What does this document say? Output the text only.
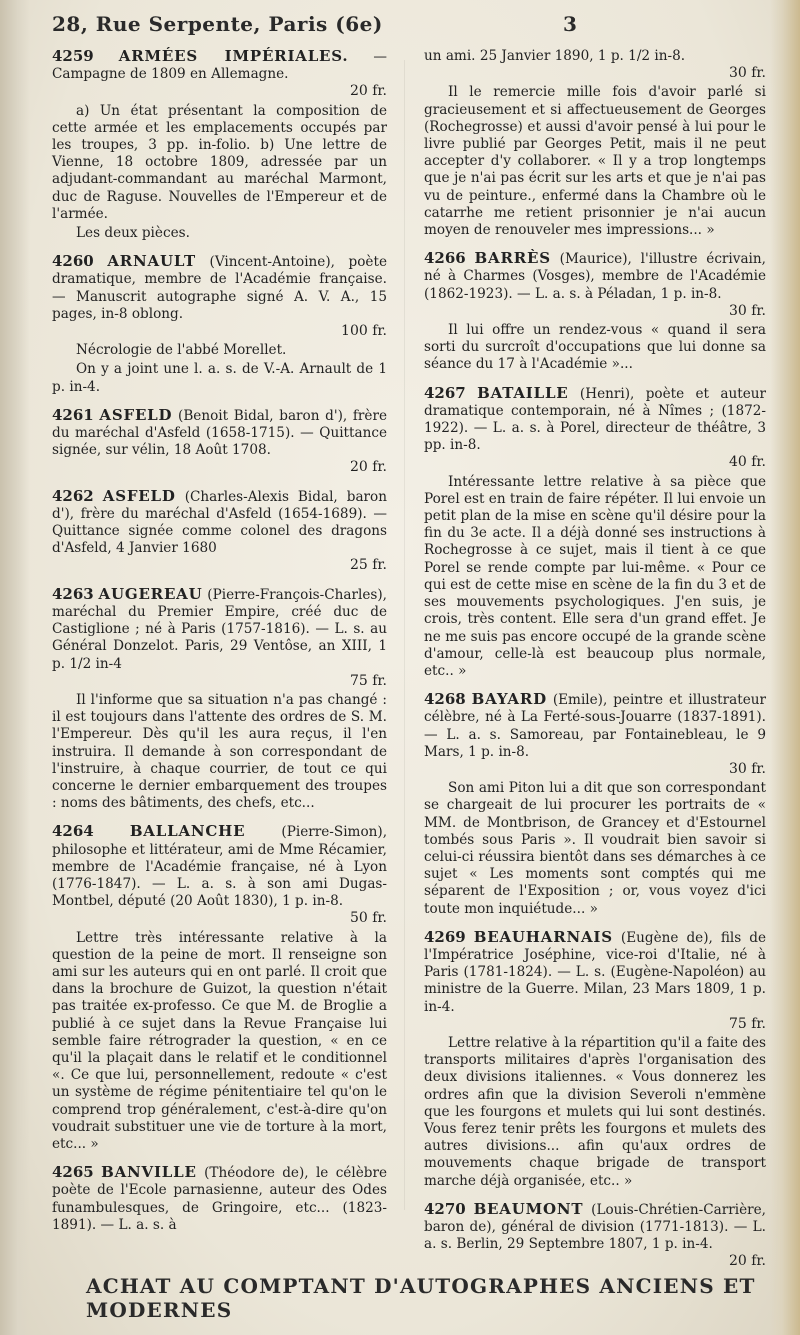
28, Rue Serpente, Paris (6e)	3
4259 ARMÉES IMPÉRIALES. — Campagne de 1809 en Allemagne.
20 fr.
a) Un état présentant la composition de cette armée et les emplacements occupés par les troupes, 3 pp. in-folio. b) Une lettre de Vienne, 18 octobre 1809, adressée par un adjudant-commandant au maréchal Marmont, duc de Raguse. Nouvelles de l'Empereur et de l'armée.
Les deux pièces.
4260 ARNAULT (Vincent-Antoine), poète dramatique, membre de l'Académie française. — Manuscrit autographe signé A. V. A., 15 pages, in-8 oblong.
100 fr.
Nécrologie de l'abbé Morellet.
On y a joint une l. a. s. de V.-A. Arnault de 1 p. in-4.
4261 ASFELD (Benoit Bidal, baron d'), frère du maréchal d'Asfeld (1658-1715). — Quittance signée, sur vélin, 18 Août 1708.
20 fr.
4262 ASFELD (Charles-Alexis Bidal, baron d'), frère du maréchal d'Asfeld (1654-1689). — Quittance signée comme colonel des dragons d'Asfeld, 4 Janvier 1680
25 fr.
4263 AUGEREAU (Pierre-François-Charles), maréchal du Premier Empire, créé duc de Castiglione ; né à Paris (1757-1816). — L. s. au Général Donzelot. Paris, 29 Ventôse, an XIII, 1 p. 1/2 in-4
75 fr.
Il l'informe que sa situation n'a pas changé : il est toujours dans l'attente des ordres de S. M. l'Empereur. Dès qu'il les aura reçus, il l'en instruira. Il demande à son correspondant de l'instruire, à chaque courrier, de tout ce qui concerne le dernier embarquement des troupes : noms des bâtiments, des chefs, etc...
4264 BALLANCHE	(Pierre-Simon), philosophe et littérateur, ami de Mme Récamier, membre de l'Académie française, né à Lyon (1776-1847). — L. a. s. à son ami Dugas-Montbel, député (20 Août 1830), 1 p. in-8.
50 fr.
Lettre très intéressante relative à la question de la peine de mort. Il renseigne son ami sur les auteurs qui en ont parlé. Il croit que dans la brochure de Guizot, la question n'était pas traitée ex-professo. Ce que M. de Broglie a publié à ce sujet dans la Revue Française lui semble faire rétrograder la question, « en ce qu'il la plaçait dans le relatif et le conditionnel «. Ce que lui, personnellement, redoute « c'est un système de régime pénitentiaire tel qu'on le comprend trop généralement, c'est-à-dire qu'on voudrait substituer une vie de torture à la mort, etc... »
4265 BANVILLE (Théodore de), le célèbre poète de l'Ecole parnasienne, auteur des Odes funambulesques, de Gringoire, etc... (1823-1891). — L. a. s. à
un ami. 25 Janvier 1890, 1 p. 1/2 in-8.
30 fr.
Il le remercie mille fois d'avoir parlé si gracieusement et si affectueusement de Georges (Rochegrosse) et aussi d'avoir pensé à lui pour le livre publié par Georges Petit, mais il ne peut accepter d'y collaborer. « Il y a trop longtemps que je n'ai pas écrit sur les arts et que je n'ai pas vu de peinture., enfermé dans la Chambre où le catarrhe me retient prisonnier je n'ai aucun moyen de renouveler mes impressions... »
4266 BARRÈS (Maurice), l'illustre écrivain, né à Charmes (Vosges), membre de l'Académie (1862-1923). — L. a. s. à Péladan, 1 p. in-8.
30 fr.
Il lui offre un rendez-vous « quand il sera sorti du surcroît d'occupations que lui donne sa séance du 17 à l'Académie »...
4267 BATAILLE (Henri), poète et auteur dramatique contemporain, né à Nîmes ; (1872-1922). — L. a. s. à Porel, directeur de théâtre, 3 pp. in-8.
40 fr.
Intéressante lettre relative à sa pièce que Porel est en train de faire répéter. Il lui envoie un petit plan de la mise en scène qu'il désire pour la fin du 3e acte. Il a déjà donné ses instructions à Rochegrosse à ce sujet, mais il tient à ce que Porel se rende compte par lui-même. « Pour ce qui est de cette mise en scène de la fin du 3 et de ses mouvements psychologiques. J'en suis, je crois, très content. Elle sera d'un grand effet. Je ne me suis pas encore occupé de la grande scène d'amour, celle-là est beaucoup plus normale, etc.. »
4268 BAYARD (Emile), peintre et illustrateur célèbre, né à La Ferté-sous-Jouarre (1837-1891). — L. a. s. Samoreau, par Fontainebleau, le 9 Mars, 1 p. in-8.
30 fr.
Son ami Piton lui a dit que son correspondant se chargeait de lui procurer les portraits de « MM. de Montbrison, de Grancey et d'Estournel tombés sous Paris ». Il voudrait bien savoir si celui-ci réussira bientôt dans ses démarches à ce sujet « Les moments sont comptés qui me séparent de l'Exposition ; or, vous voyez d'ici toute mon inquiétude... »
4269 BEAUHARNAIS (Eugène de), fils de l'Impératrice Joséphine, vice-roi d'Italie, né à Paris (1781-1824). — L. s. (Eugène-Napoléon) au ministre de la Guerre. Milan, 23 Mars 1809, 1 p. in-4.
75 fr.
Lettre relative à la répartition qu'il a faite des transports militaires d'après l'organisation des deux divisions italiennes. « Vous donnerez les ordres afin que la division Severoli n'emmène que les fourgons et mulets qui lui sont destinés. Vous ferez tenir prêts les fourgons et mulets des autres divisions... afin qu'aux ordres de mouvements chaque brigade de transport marche déjà organisée, etc.. »
4270 BEAUMONT (Louis-Chrétien-Carrière, baron de), général de division (1771-1813). — L. a. s. Berlin, 29 Septembre 1807, 1 p. in-4.
20 fr.
ACHAT AU COMPTANT D'AUTOGRAPHES ANCIENS ET MODERNES
